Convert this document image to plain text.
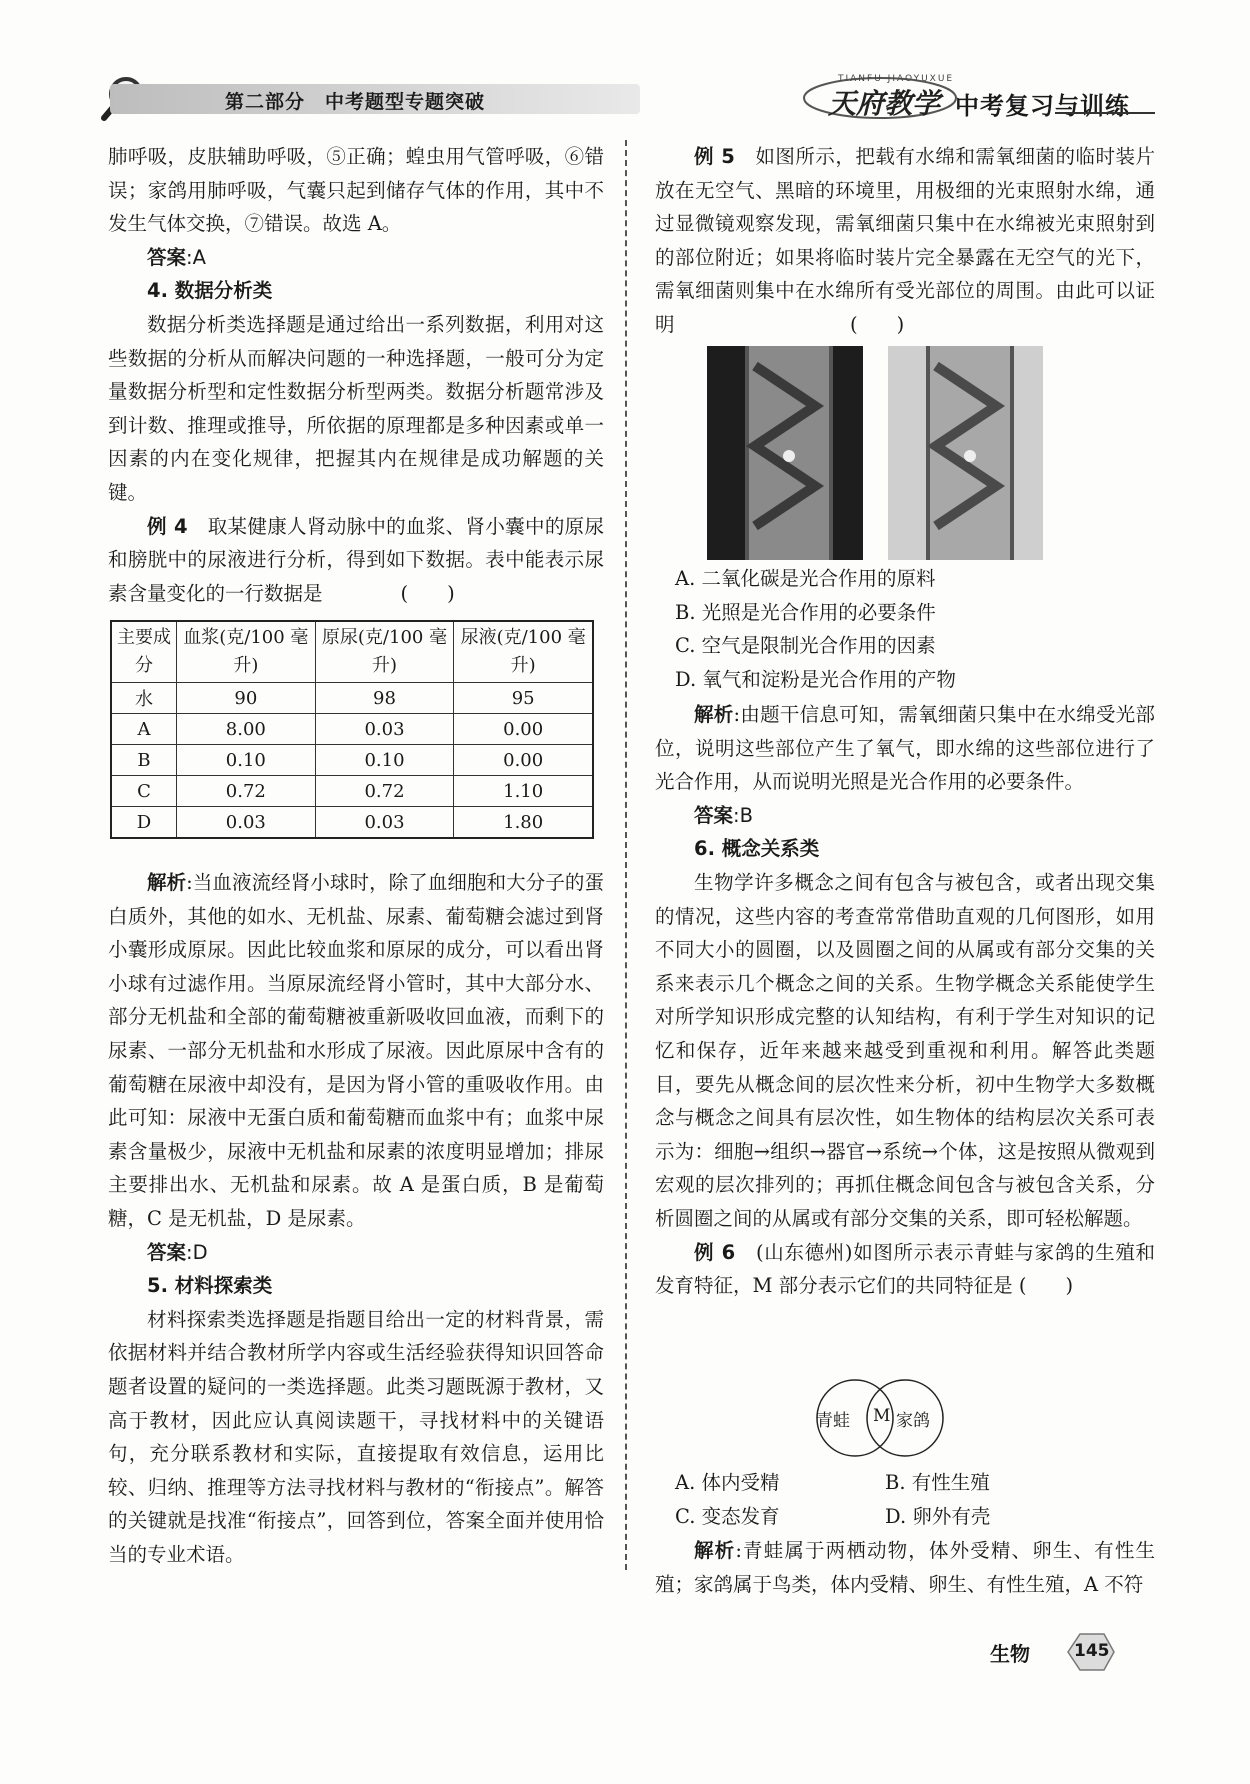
第二部分　中考题型专题突破
TIANFU JIAOYUXUE
天府教学 中考复习与训练

肺呼吸，皮肤辅助呼吸，⑤正确；蝗虫用气管呼吸，⑥错误；家鸽用肺呼吸，气囊只起到储存气体的作用，其中不发生气体交换，⑦错误。故选 A。

答案:A

4. 数据分析类

数据分析类选择题是通过给出一系列数据，利用对这些数据的分析从而解决问题的一种选择题，一般可分为定量数据分析型和定性数据分析型两类。数据分析题常涉及到计数、推理或推导，所依据的原理都是多种因素或单一因素的内在变化规律，把握其内在规律是成功解题的关键。

例 4　 取某健康人肾动脉中的血浆、肾小囊中的原尿和膀胱中的尿液进行分析，得到如下数据。表中能表示尿素含量变化的一行数据是　　　　(　　)

主要成分	血浆(克/100 毫升)	原尿(克/100 毫升)	尿液(克/100 毫升)
水	90	98	95
A	8.00	0.03	0.00
B	0.10	0.10	0.00
C	0.72	0.72	1.10
D	0.03	0.03	1.80

解析:当血液流经肾小球时，除了血细胞和大分子的蛋白质外，其他的如水、无机盐、尿素、葡萄糖会滤过到肾小囊形成原尿。因此比较血浆和原尿的成分，可以看出肾小球有过滤作用。当原尿流经肾小管时，其中大部分水、部分无机盐和全部的葡萄糖被重新吸收回血液，而剩下的尿素、一部分无机盐和水形成了尿液。因此原尿中含有的葡萄糖在尿液中却没有，是因为肾小管的重吸收作用。由此可知：尿液中无蛋白质和葡萄糖而血浆中有；血浆中尿素含量极少，尿液中无机盐和尿素的浓度明显增加；排尿主要排出水、无机盐和尿素。故 A 是蛋白质，B 是葡萄糖，C 是无机盐，D 是尿素。

答案:D

5. 材料探索类

材料探索类选择题是指题目给出一定的材料背景，需依据材料并结合教材所学内容或生活经验获得知识回答命题者设置的疑问的一类选择题。此类习题既源于教材，又高于教材，因此应认真阅读题干，寻找材料中的关键语句，充分联系教材和实际，直接提取有效信息，运用比较、归纳、推理等方法寻找材料与教材的“衔接点”。解答的关键就是找准“衔接点”，回答到位，答案全面并使用恰当的专业术语。

例 5　 如图所示，把载有水绵和需氧细菌的临时装片放在无空气、黑暗的环境里，用极细的光束照射水绵，通过显微镜观察发现，需氧细菌只集中在水绵被光束照射到的部位附近；如果将临时装片完全暴露在无空气的光下，需氧细菌则集中在水绵所有受光部位的周围。由此可以证明　　　　　　　　　(　　)

A. 二氧化碳是光合作用的原料
B. 光照是光合作用的必要条件
C. 空气是限制光合作用的因素
D. 氧气和淀粉是光合作用的产物

解析:由题干信息可知，需氧细菌只集中在水绵受光部位，说明这些部位产生了氧气，即水绵的这些部位进行了光合作用，从而说明光照是光合作用的必要条件。

答案:B

6. 概念关系类

生物学许多概念之间有包含与被包含，或者出现交集的情况，这些内容的考查常常借助直观的几何图形，如用不同大小的圆圈，以及圆圈之间的从属或有部分交集的关系来表示几个概念之间的关系。生物学概念关系能使学生对所学知识形成完整的认知结构，有利于学生对知识的记忆和保存，近年来越来越受到重视和利用。解答此类题目，要先从概念间的层次性来分析，初中生物学大多数概念与概念之间具有层次性，如生物体的结构层次关系可表示为：细胞→组织→器官→系统→个体，这是按照从微观到宏观的层次排列的；再抓住概念间包含与被包含关系，分析圆圈之间的从属或有部分交集的关系，即可轻松解题。

例 6　 (山东德州)如图所示表示青蛙与家鸽的生殖和发育特征，M 部分表示它们的共同特征是 (　　)

青蛙 M 家鸽
A. 体内受精	B. 有性生殖
C. 变态发育	D. 卵外有壳

解析:青蛙属于两栖动物，体外受精、卵生、有性生殖；家鸽属于鸟类，体内受精、卵生、有性生殖，A 不符

生物	145
